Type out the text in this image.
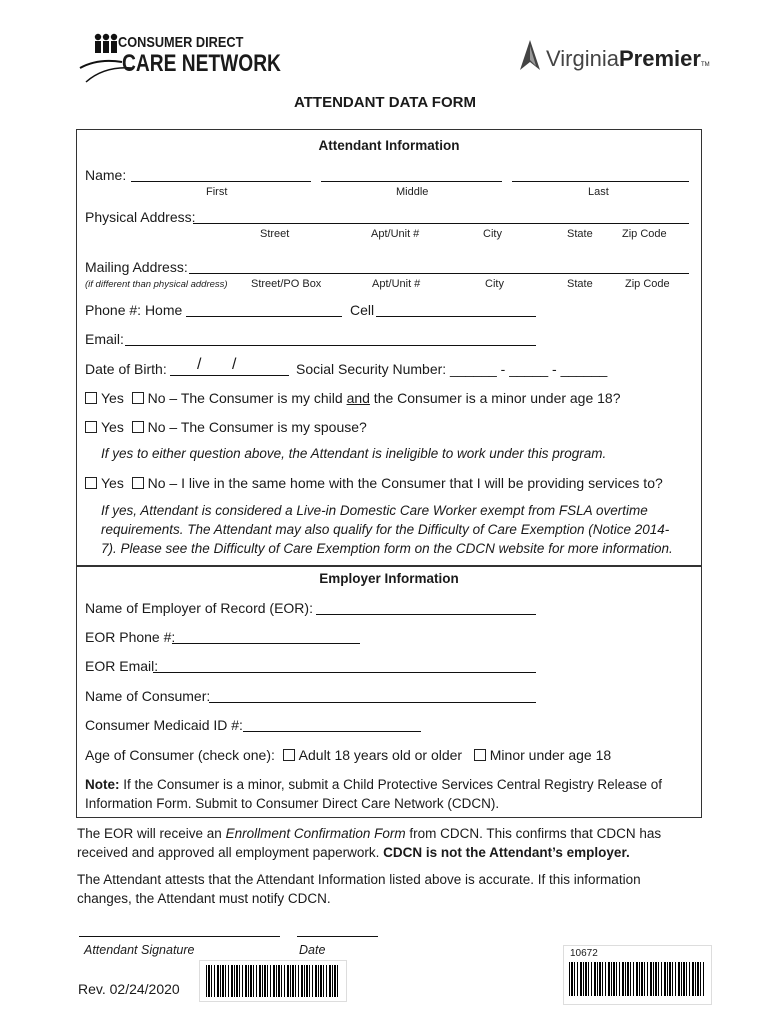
CONSUMER DIRECT
CARE NETWORK	VirginiaPremierTM
ATTENDANT DATA FORM
Attendant Information
Name:
First	Middle	Last
Physical Address:
Street	Apt/Unit #	City	State	Zip Code
Mailing Address:
(if different than physical address) Street/PO Box	Apt/Unit #	City	State	Zip Code
Phone #: Home	Cell
Email:
Date of Birth: / /	Social Security Number: ______ - _____ - ______
Yes No – The Consumer is my child and the Consumer is a minor under age 18?
Yes No – The Consumer is my spouse?
If yes to either question above, the Attendant is ineligible to work under this program.
Yes No – I live in the same home with the Consumer that I will be providing services to?
If yes, Attendant is considered a Live-in Domestic Care Worker exempt from FSLA overtime
requirements. The Attendant may also qualify for the Difficulty of Care Exemption (Notice 2014-
7). Please see the Difficulty of Care Exemption form on the CDCN website for more information.
Employer Information
Name of Employer of Record (EOR):
EOR Phone #:
EOR Email:
Name of Consumer:
Consumer Medicaid ID #:
Age of Consumer (check one): Adult 18 years old or older Minor under age 18
Note: If the Consumer is a minor, submit a Child Protective Services Central Registry Release of
Information Form. Submit to Consumer Direct Care Network (CDCN).
The EOR will receive an Enrollment Confirmation Form from CDCN. This confirms that CDCN has
received and approved all employment paperwork. CDCN is not the Attendant’s employer.
The Attendant attests that the Attendant Information listed above is accurate. If this information
changes, the Attendant must notify CDCN.
Attendant Signature	Date
Rev. 02/24/2020
10672
